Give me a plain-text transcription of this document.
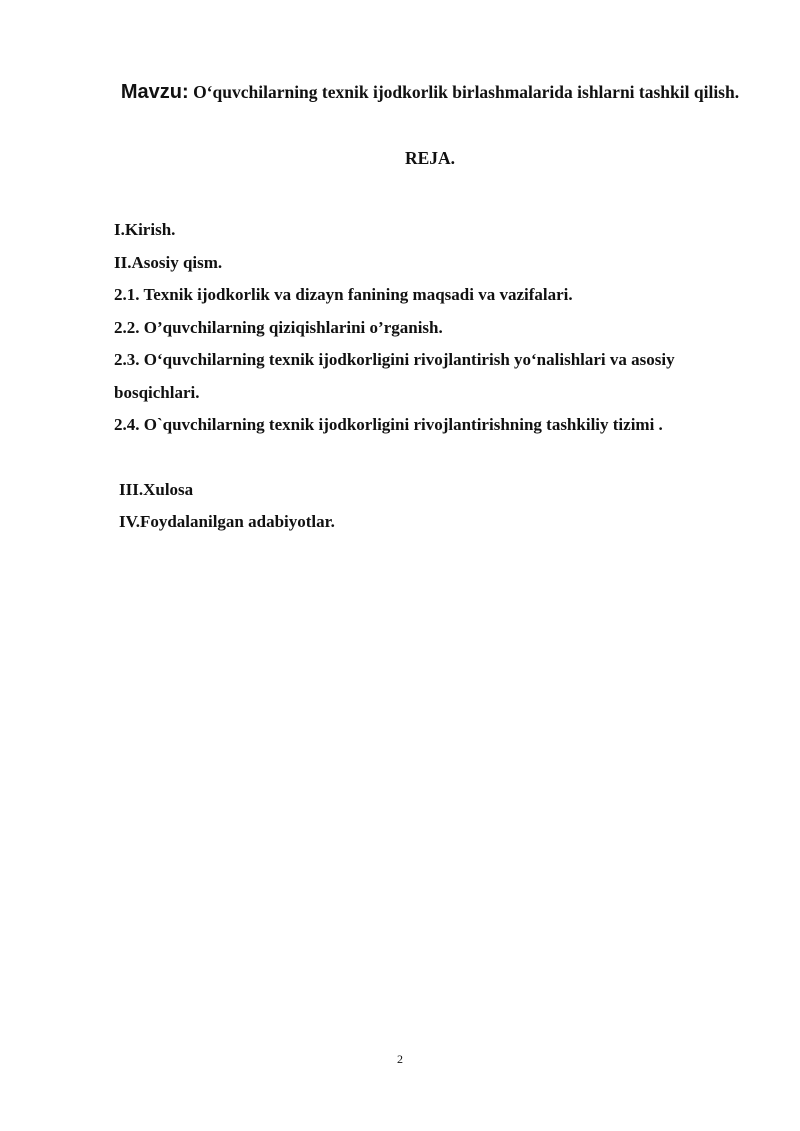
Mavzu: O‘quvchilarning texnik ijodkorlik birlashmalarida ishlarni tashkil qilish.
REJA.

I.Kirish.

II.Asosiy qism.

2.1. Texnik ijodkorlik va dizayn fanining maqsadi va vazifalari.

2.2. O’quvchilarning qiziqishlarini o’rganish.

2.3. O‘quvchilarning texnik ijodkorligini rivojlantirish yo‘nalishlari va asosiy bosqichlari.

2.4. O`quvchilarning texnik ijodkorligini rivojlantirishning tashkiliy tizimi .

III.Xulosa

IV.Foydalanilgan adabiyotlar.

2
